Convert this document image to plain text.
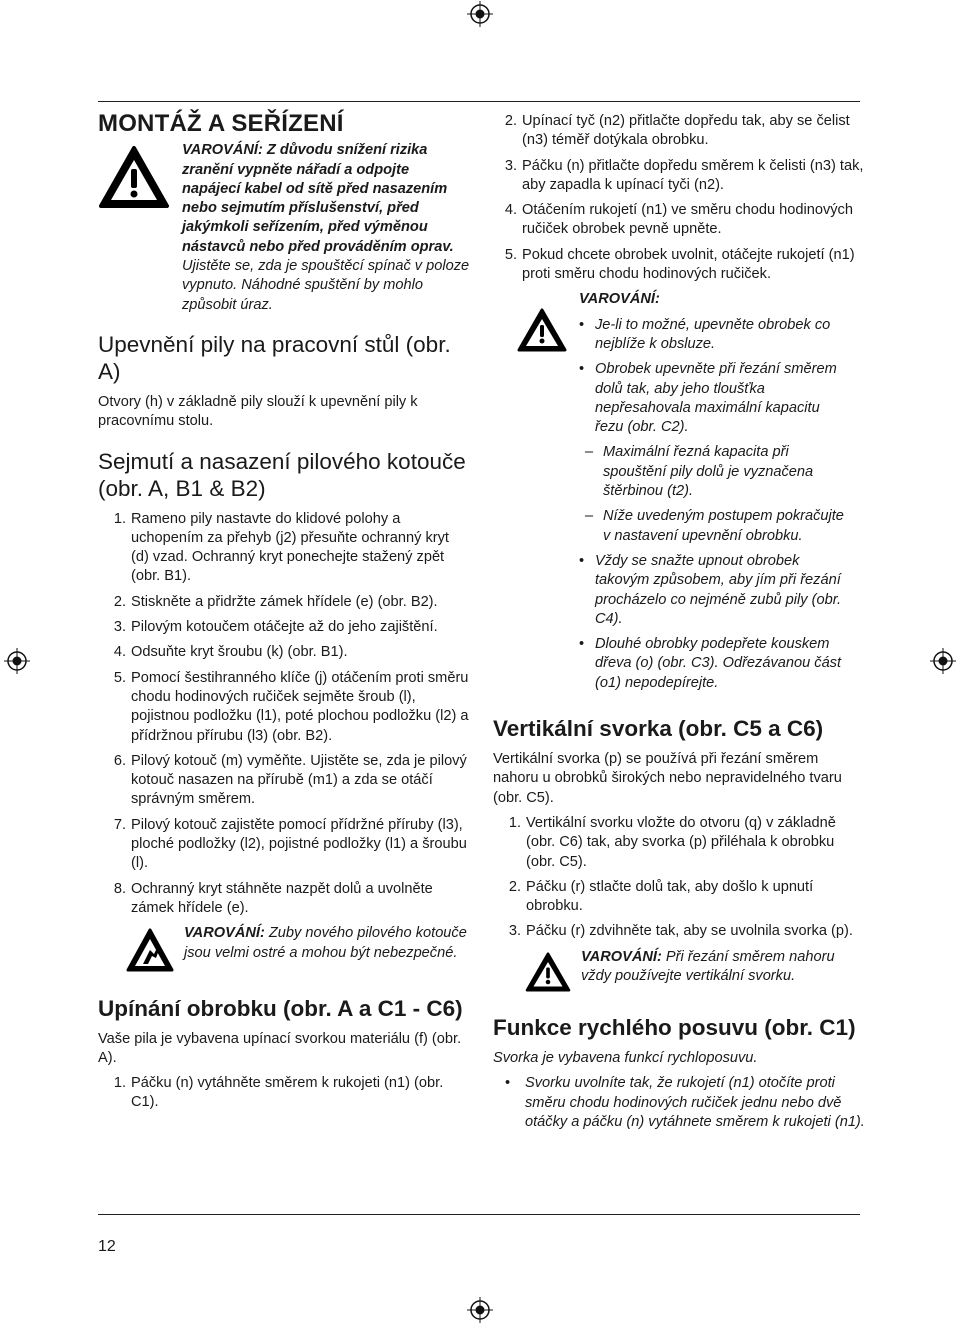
12
MONTÁŽ A SEŘÍZENÍ
VAROVÁNÍ: Z důvodu snížení rizika zranění vypněte nářadí a odpojte napájecí kabel od sítě před nasazením nebo sejmutím příslušenství, před jakýmkoli seřízením, před výměnou nástavců nebo před prováděním oprav.
Ujistěte se, zda je spouštěcí spínač v poloze vypnuto. Náhodné spuštění by mohlo způsobit úraz.
Upevnění pily na pracovní stůl (obr. A)

Otvory (h) v základně pily slouží k upevnění pily k pracovnímu stolu.

Sejmutí a nasazení pilového kotouče (obr. A, B1 & B2)
1. Rameno pily nastavte do klidové polohy a uchopením za přehyb (j2) přesuňte ochranný kryt (d) vzad. Ochranný kryt ponechejte stažený zpět (obr. B1).
2. Stiskněte a přidržte zámek hřídele (e) (obr. B2).
3. Pilovým kotoučem otáčejte až do jeho zajištění.
4. Odsuňte kryt šroubu (k) (obr. B1).
5. Pomocí šestihranného klíče (j) otáčením proti směru chodu hodinových ručiček sejměte šroub (l), pojistnou podložku (l1), poté plochou podložku (l2) a přídržnou přírubu (l3) (obr. B2).
6. Pilový kotouč (m) vyměňte. Ujistěte se, zda je pilový kotouč nasazen na přírubě (m1) a zda se otáčí správným směrem.
7. Pilový kotouč zajistěte pomocí přídržné příruby (l3), ploché podložky (l2), pojistné podložky (l1) a šroubu (l).
8. Ochranný kryt stáhněte nazpět dolů a uvolněte zámek hřídele (e).
VAROVÁNÍ: Zuby nového pilového kotouče jsou velmi ostré a mohou být nebezpečné.
Upínání obrobku (obr. A a C1 - C6)

Vaše pila je vybavena upínací svorkou materiálu (f) (obr. A).

1. Páčku (n) vytáhněte směrem k rukojeti (n1) (obr. C1).
2. Upínací tyč (n2) přitlačte dopředu tak, aby se čelist (n3) téměř dotýkala obrobku.
3. Páčku (n) přitlačte dopředu směrem k čelisti (n3) tak, aby zapadla k upínací tyči (n2).
4. Otáčením rukojetí (n1) ve směru chodu hodinových ručiček obrobek pevně upněte.
5. Pokud chcete obrobek uvolnit, otáčejte rukojetí (n1) proti směru chodu hodinových ručiček.
VAROVÁNÍ:
• Je-li to možné, upevněte obrobek co nejblíže k obsluze.
• Obrobek upevněte při řezání směrem dolů tak, aby jeho tloušťka nepřesahovala maximální kapacitu řezu (obr. C2).
– Maximální řezná kapacita při spouštění pily dolů je vyznačena štěrbinou (t2).
– Níže uvedeným postupem pokračujte v nastavení upevnění obrobku.
• Vždy se snažte upnout obrobek takovým způsobem, aby jím při řezání procházelo co nejméně zubů pily (obr. C4).
• Dlouhé obrobky podepřete kouskem dřeva (o) (obr. C3). Odřezávanou část (o1) nepodepírejte.
Vertikální svorka (obr. C5 a C6)

Vertikální svorka (p) se používá při řezání směrem nahoru u obrobků širokých nebo nepravidelného tvaru (obr. C5).

1. Vertikální svorku vložte do otvoru (q) v základně (obr. C6) tak, aby svorka (p) přiléhala k obrobku (obr. C5).
2. Páčku (r) stlačte dolů tak, aby došlo k upnutí obrobku.
3. Páčku (r) zdvihněte tak, aby se uvolnila svorka (p).
VAROVÁNÍ: Při řezání směrem nahoru vždy používejte vertikální svorku.
Funkce rychlého posuvu (obr. C1)

Svorka je vybavena funkcí rychloposuvu.

• Svorku uvolníte tak, že rukojetí (n1) otočíte proti směru chodu hodinových ručiček jednu nebo dvě otáčky a páčku (n) vytáhnete směrem k rukojeti (n1).
